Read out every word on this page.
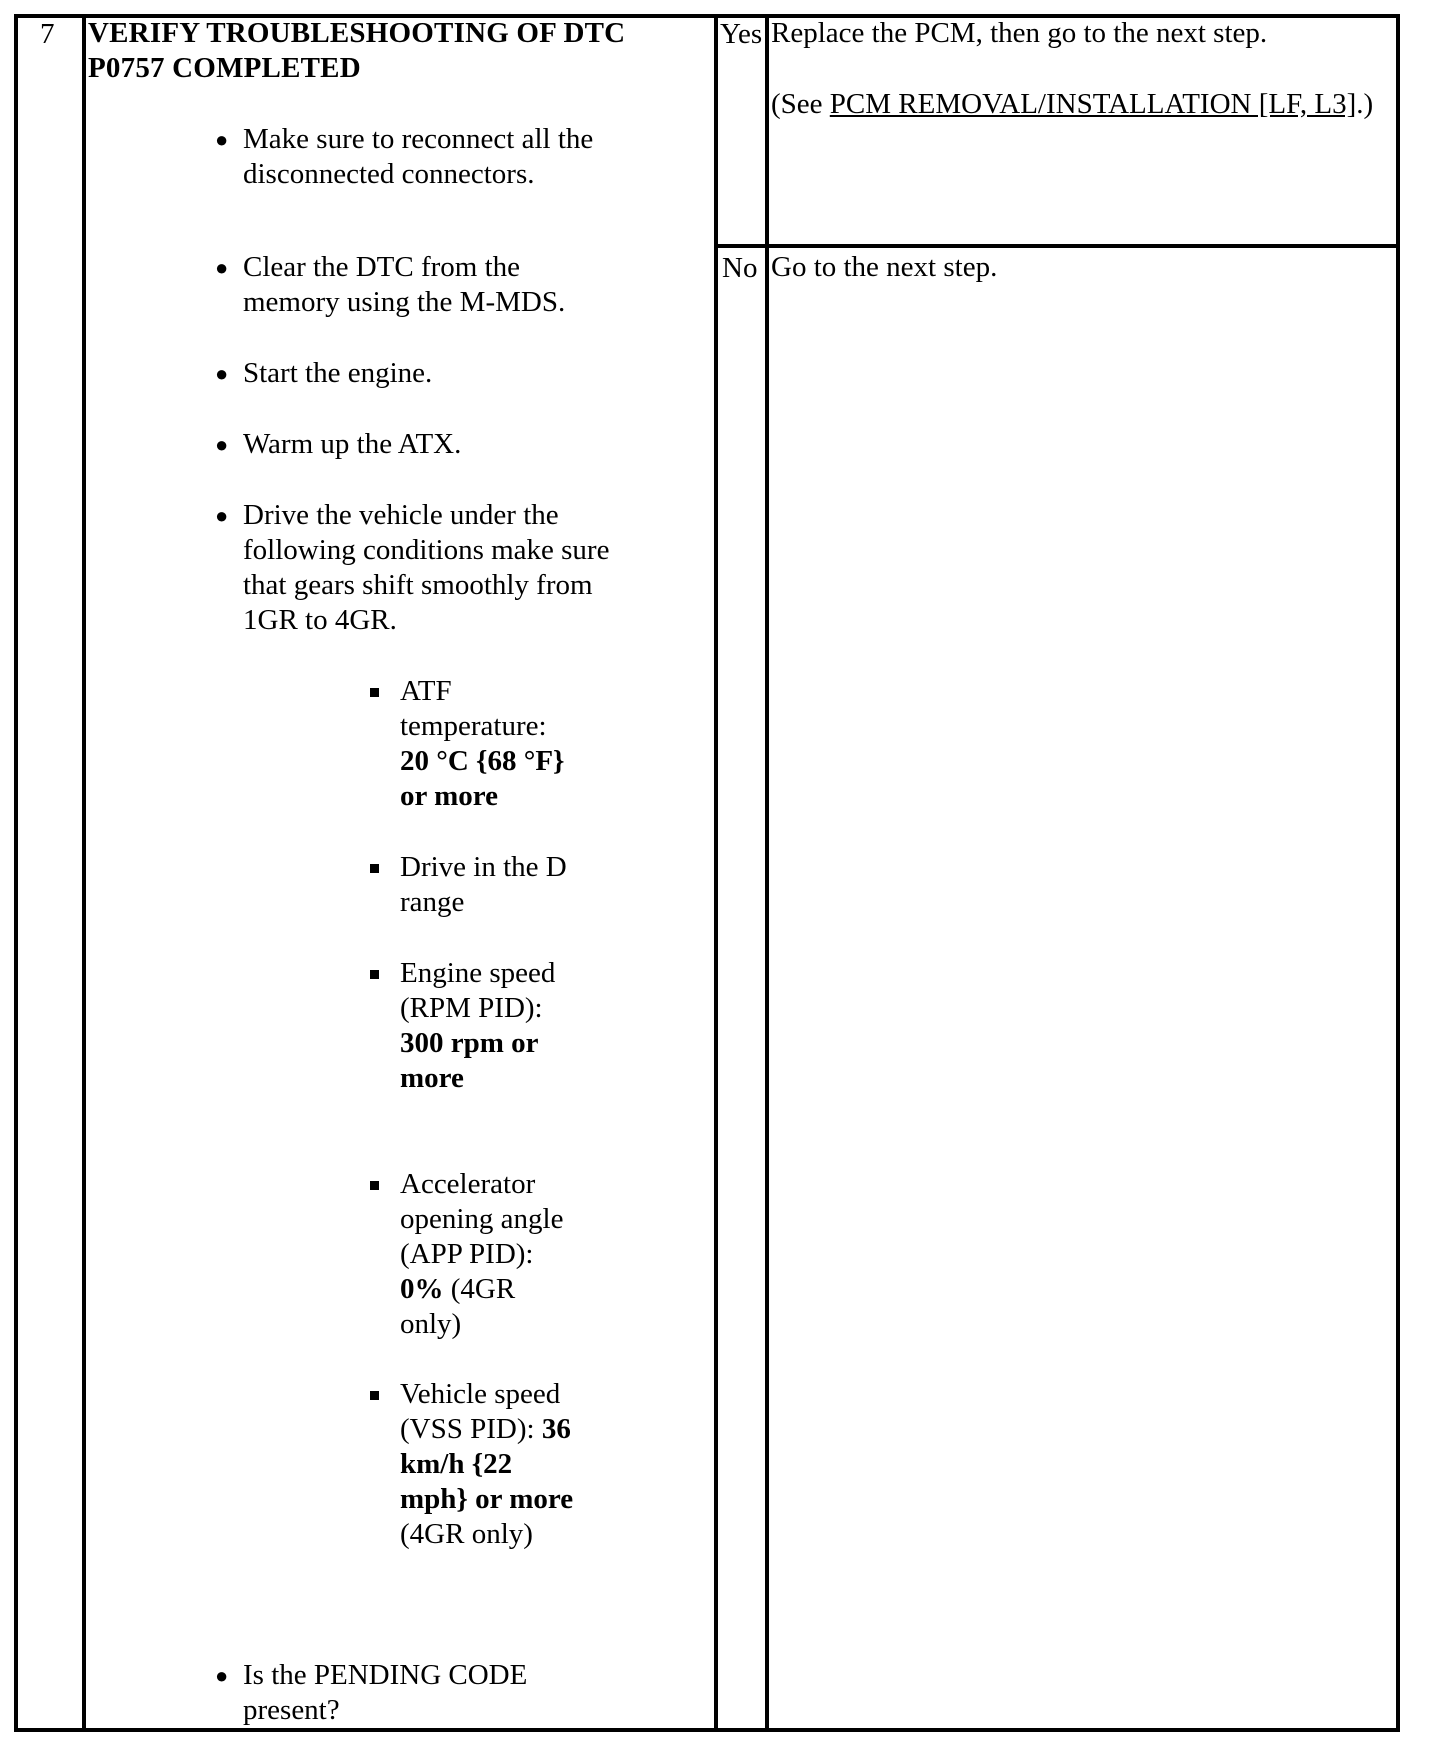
7 VERIFY TROUBLESHOOTING OF DTC P0757 COMPLETED
● Make sure to reconnect all the disconnected connectors.
● Clear the DTC from the memory using the M-MDS.
● Start the engine.
● Warm up the ATX.
● Drive the vehicle under the following conditions make sure that gears shift smoothly from 1GR to 4GR.
ATF temperature: 20 °C {68 °F} or more
Drive in the D range
Engine speed (RPM PID): 300 rpm or more
Accelerator opening angle (APP PID): 0% (4GR only)
Vehicle speed (VSS PID): 36 km/h {22 mph} or more (4GR only)
● Is the PENDING CODE present?
Yes Replace the PCM, then go to the next step.
(See PCM REMOVAL/INSTALLATION [LF, L3].)
No Go to the next step.
